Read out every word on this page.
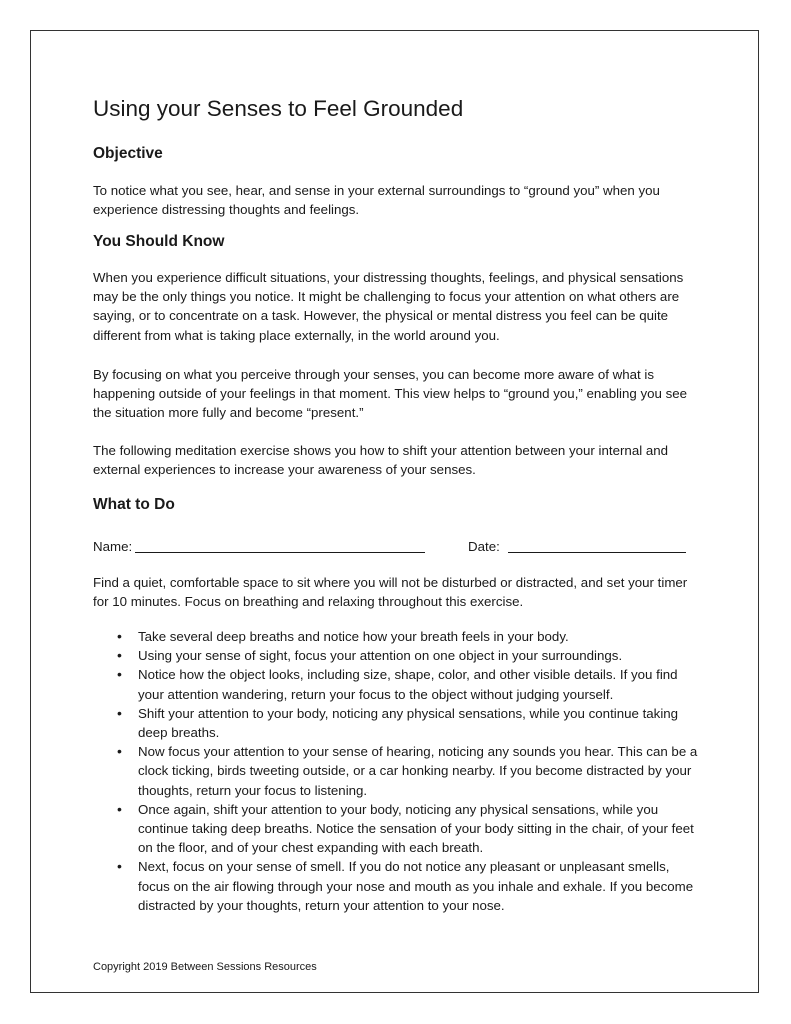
Using your Senses to Feel Grounded
Objective

To notice what you see, hear, and sense in your external surroundings to “ground you” when you experience distressing thoughts and feelings.

You Should Know

When you experience difficult situations, your distressing thoughts, feelings, and physical sensations may be the only things you notice. It might be challenging to focus your attention on what others are saying, or to concentrate on a task. However, the physical or mental distress you feel can be quite different from what is taking place externally, in the world around you.

By focusing on what you perceive through your senses, you can become more aware of what is happening outside of your feelings in that moment. This view helps to “ground you,” enabling you see the situation more fully and become “present.”

The following meditation exercise shows you how to shift your attention between your internal and external experiences to increase your awareness of your senses.

What to Do
Name:	Date:

Find a quiet, comfortable space to sit where you will not be disturbed or distracted, and set your timer for 10 minutes. Focus on breathing and relaxing throughout this exercise.

• Take several deep breaths and notice how your breath feels in your body.
• Using your sense of sight, focus your attention on one object in your surroundings.
• Notice how the object looks, including size, shape, color, and other visible details. If you find your attention wandering, return your focus to the object without judging yourself.
• Shift your attention to your body, noticing any physical sensations, while you continue taking deep breaths.
• Now focus your attention to your sense of hearing, noticing any sounds you hear. This can be a clock ticking, birds tweeting outside, or a car honking nearby. If you become distracted by your thoughts, return your focus to listening.
• Once again, shift your attention to your body, noticing any physical sensations, while you continue taking deep breaths. Notice the sensation of your body sitting in the chair, of your feet on the floor, and of your chest expanding with each breath.
• Next, focus on your sense of smell. If you do not notice any pleasant or unpleasant smells, focus on the air flowing through your nose and mouth as you inhale and exhale. If you become distracted by your thoughts, return your attention to your nose.

Copyright 2019 Between Sessions Resources
